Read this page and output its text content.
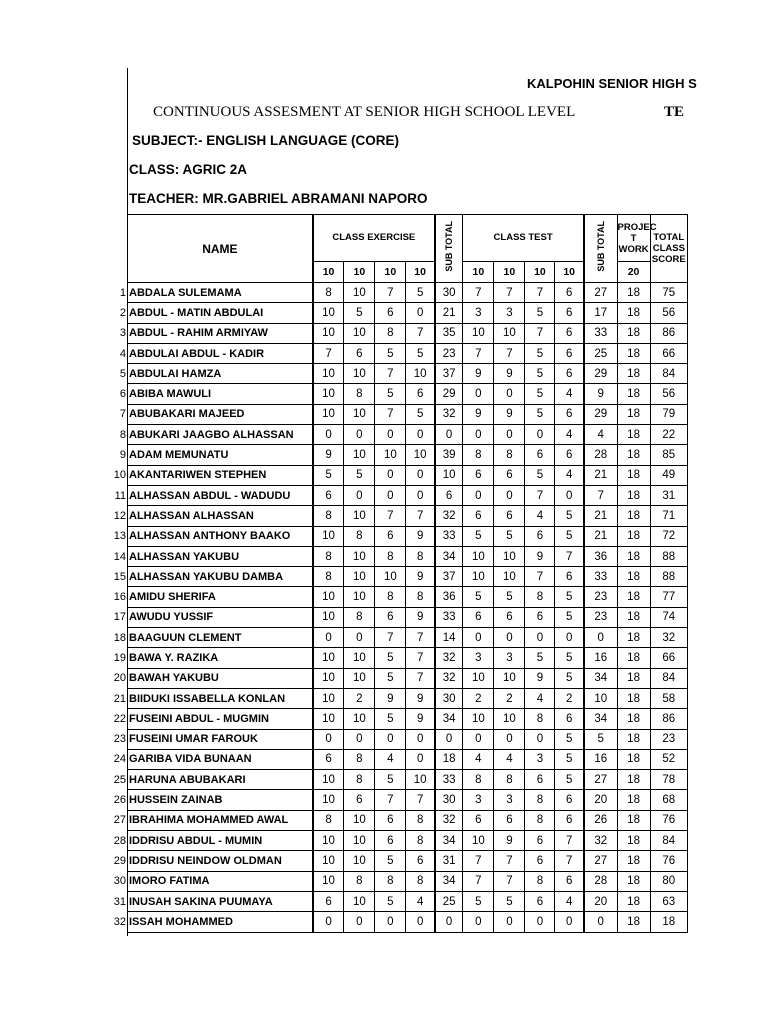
KALPOHIN SENIOR HIGH S
CONTINUOUS ASSESMENT AT SENIOR HIGH SCHOOL LEVEL	TE
SUBJECT:- ENGLISH LANGUAGE (CORE)
CLASS: AGRIC 2A
TEACHER: MR.GABRIEL ABRAMANI NAPORO
NAME	CLASS EXERCISE				SUB TOTAL	CLASS TEST				SUB TOTAL	PROJEC T WORK	TOTAL CLASS SCORE

	10	10	10	10		10	10	10	10		20	

1 ABDALA SULEMAMA	8	10	7	5	30	7	7	7	6	27	18	75

2 ABDUL - MATIN ABDULAI	10	5	6	0	21	3	3	5	6	17	18	56

3 ABDUL - RAHIM ARMIYAW	10	10	8	7	35	10	10	7	6	33	18	86

4 ABDULAI ABDUL - KADIR	7	6	5	5	23	7	7	5	6	25	18	66

5 ABDULAI HAMZA	10	10	7	10	37	9	9	5	6	29	18	84

6 ABIBA MAWULI	10	8	5	6	29	0	0	5	4	9	18	56

7 ABUBAKARI MAJEED	10	10	7	5	32	9	9	5	6	29	18	79

8 ABUKARI JAAGBO ALHASSAN	0	0	0	0	0	0	0	0	4	4	18	22

9 ADAM MEMUNATU	9	10	10	10	39	8	8	6	6	28	18	85

10 AKANTARIWEN STEPHEN	5	5	0	0	10	6	6	5	4	21	18	49

11 ALHASSAN ABDUL - WADUDU	6	0	0	0	6	0	0	7	0	7	18	31

12 ALHASSAN ALHASSAN	8	10	7	7	32	6	6	4	5	21	18	71

13 ALHASSAN ANTHONY BAAKO	10	8	6	9	33	5	5	6	5	21	18	72

14 ALHASSAN YAKUBU	8	10	8	8	34	10	10	9	7	36	18	88

15 ALHASSAN YAKUBU DAMBA	8	10	10	9	37	10	10	7	6	33	18	88

16 AMIDU SHERIFA	10	10	8	8	36	5	5	8	5	23	18	77

17 AWUDU YUSSIF	10	8	6	9	33	6	6	6	5	23	18	74

18 BAAGUUN CLEMENT	0	0	7	7	14	0	0	0	0	0	18	32

19 BAWA Y. RAZIKA	10	10	5	7	32	3	3	5	5	16	18	66

20 BAWAH YAKUBU	10	10	5	7	32	10	10	9	5	34	18	84

21 BIIDUKI ISSABELLA KONLAN	10	2	9	9	30	2	2	4	2	10	18	58

22 FUSEINI ABDUL - MUGMIN	10	10	5	9	34	10	10	8	6	34	18	86

23 FUSEINI UMAR FAROUK	0	0	0	0	0	0	0	0	5	5	18	23

24 GARIBA VIDA BUNAAN	6	8	4	0	18	4	4	3	5	16	18	52

25 HARUNA ABUBAKARI	10	8	5	10	33	8	8	6	5	27	18	78

26 HUSSEIN ZAINAB	10	6	7	7	30	3	3	8	6	20	18	68

27 IBRAHIMA MOHAMMED AWAL	8	10	6	8	32	6	6	8	6	26	18	76

28 IDDRISU ABDUL - MUMIN	10	10	6	8	34	10	9	6	7	32	18	84

29 IDDRISU NEINDOW OLDMAN	10	10	5	6	31	7	7	6	7	27	18	76

30 IMORO FATIMA	10	8	8	8	34	7	7	8	6	28	18	80

31 INUSAH SAKINA PUUMAYA	6	10	5	4	25	5	5	6	4	20	18	63

32 ISSAH MOHAMMED	0	0	0	0	0	0	0	0	0	0	18	18
